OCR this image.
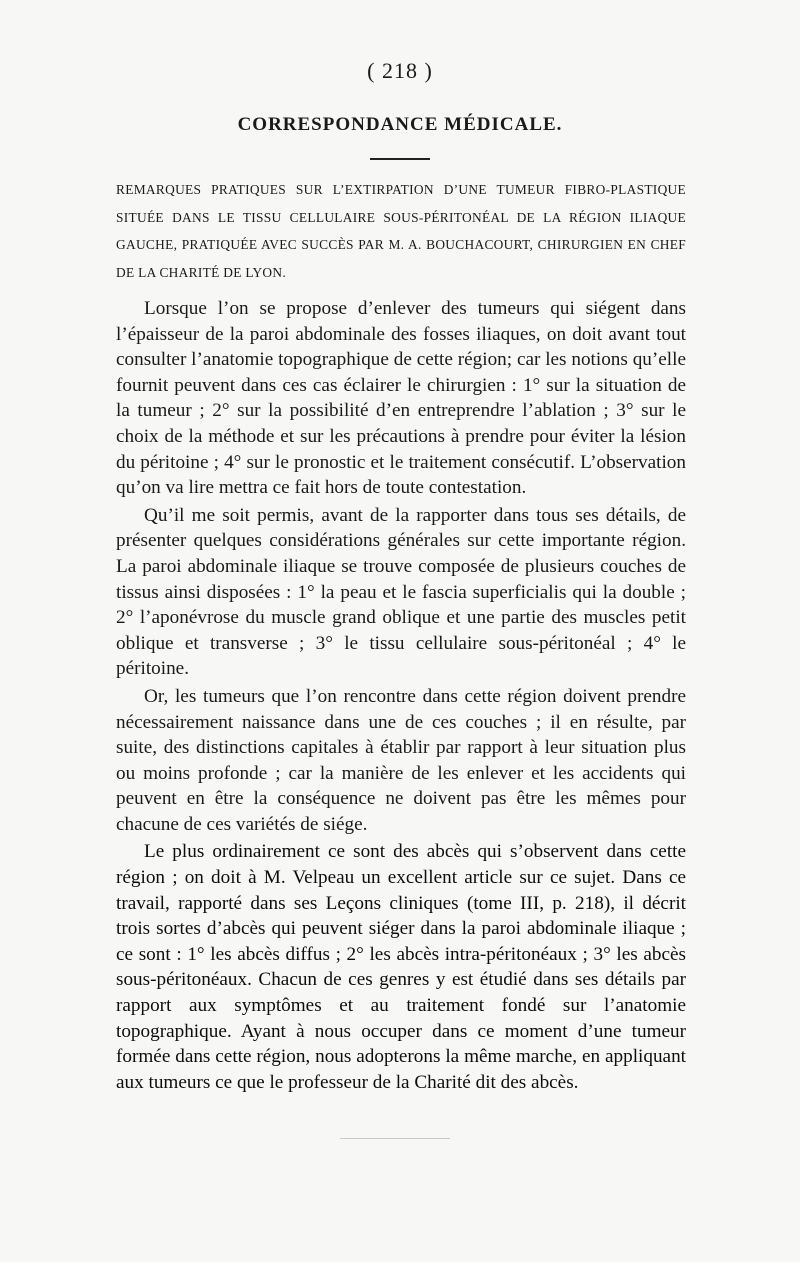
( 218 )
CORRESPONDANCE MÉDICALE.
REMARQUES PRATIQUES SUR L’EXTIRPATION D’UNE TUMEUR FIBRO-PLASTIQUE SITUÉE DANS LE TISSU CELLULAIRE SOUS-PÉRITONÉAL DE LA RÉGION ILIAQUE GAUCHE, PRATIQUÉE AVEC SUCCÈS PAR M. A. BOUCHACOURT, CHIRURGIEN EN CHEF DE LA CHARITÉ DE LYON.

Lorsque l’on se propose d’enlever des tumeurs qui siégent dans l’épaisseur de la paroi abdominale des fosses iliaques, on doit avant tout consulter l’anatomie topographique de cette région; car les notions qu’elle fournit peuvent dans ces cas éclairer le chirurgien : 1° sur la situation de la tumeur ; 2° sur la possibilité d’en entreprendre l’ablation ; 3° sur le choix de la méthode et sur les précautions à prendre pour éviter la lésion du péritoine ; 4° sur le pronostic et le traitement consécutif. L’observation qu’on va lire mettra ce fait hors de toute contestation.

Qu’il me soit permis, avant de la rapporter dans tous ses détails, de présenter quelques considérations générales sur cette importante région. La paroi abdominale iliaque se trouve composée de plusieurs couches de tissus ainsi disposées : 1° la peau et le fascia superficialis qui la double ; 2° l’aponévrose du muscle grand oblique et une partie des muscles petit oblique et transverse ; 3° le tissu cellulaire sous-péritonéal ; 4° le péritoine.

Or, les tumeurs que l’on rencontre dans cette région doivent prendre nécessairement naissance dans une de ces couches ; il en résulte, par suite, des distinctions capitales à établir par rapport à leur situation plus ou moins profonde ; car la manière de les enlever et les accidents qui peuvent en être la conséquence ne doivent pas être les mêmes pour chacune de ces variétés de siége.

Le plus ordinairement ce sont des abcès qui s’observent dans cette région ; on doit à M. Velpeau un excellent article sur ce sujet. Dans ce travail, rapporté dans ses Leçons cliniques (tome III, p. 218), il décrit trois sortes d’abcès qui peuvent siéger dans la paroi abdominale iliaque ; ce sont : 1° les abcès diffus ; 2° les abcès intra-péritonéaux ; 3° les abcès sous-péritonéaux. Chacun de ces genres y est étudié dans ses détails par rapport aux symptômes et au traitement fondé sur l’anatomie topographique. Ayant à nous occuper dans ce moment d’une tumeur formée dans cette région, nous adopterons la même marche, en appliquant aux tumeurs ce que le professeur de la Charité dit des abcès.
